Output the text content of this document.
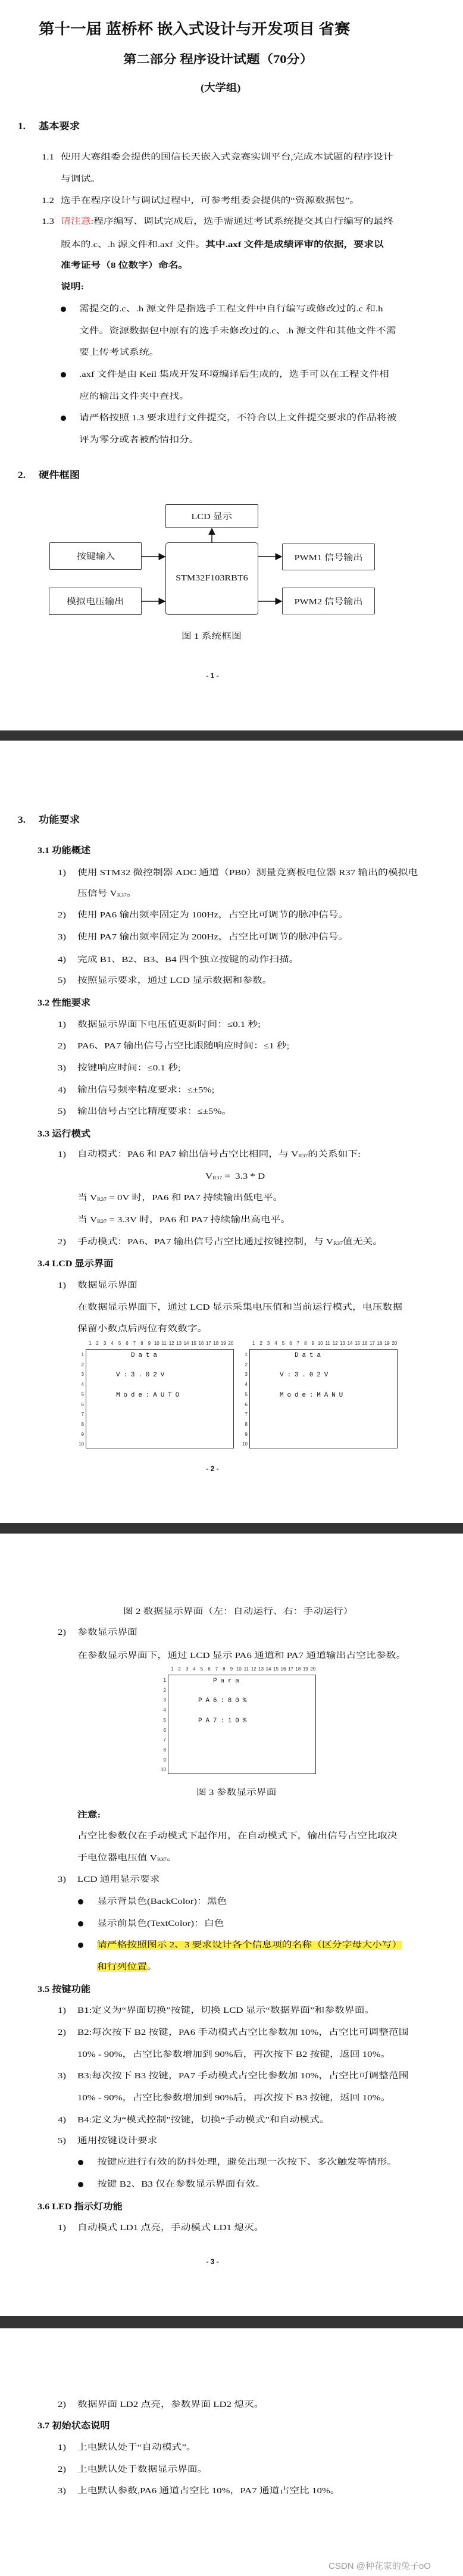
第十一届 蓝桥杯 嵌入式设计与开发项目 省赛
第二部分 程序设计试题（70分）
(大学组)
1. 基本要求
1.1 使用大赛组委会提供的国信长天嵌入式竞赛实训平台,完成本试题的程序设计
与调试。
1.2 选手在程序设计与调试过程中，可参考组委会提供的“资源数据包”。
1.3 请注意:程序编写、调试完成后，选手需通过考试系统提交其自行编写的最终
版本的.c、.h 源文件和.axf 文件。其中.axf 文件是成绩评审的依据，要求以
准考证号（8 位数字）命名。
说明:
需提交的.c、.h 源文件是指选手工程文件中自行编写或修改过的.c 和.h
文件。资源数据包中原有的选手未修改过的.c、.h 源文件和其他文件不需
要上传考试系统。
.axf 文件是由 Keil 集成开发环境编译后生成的，选手可以在工程文件相
应的输出文件夹中查找。
请严格按照 1.3 要求进行文件提交，不符合以上文件提交要求的作品将被
评为零分或者被酌情扣分。
2. 硬件框图
LCD 显示
STM32F103RBT6
按键输入
模拟电压输出
PWM1 信号输出
PWM2 信号输出
图 1 系统框图
- 1 -
3. 功能要求
3.1 功能概述
1) 使用 STM32 微控制器 ADC 通道（PB0）测量竞赛板电位器 R37 输出的模拟电
压信号 $V_{R37}$。
2) 使用 PA6 输出频率固定为 100Hz，占空比可调节的脉冲信号。
3) 使用 PA7 输出频率固定为 200Hz，占空比可调节的脉冲信号。
4) 完成 B1、B2、B3、B4 四个独立按键的动作扫描。
5) 按照显示要求，通过 LCD 显示数据和参数。
3.2 性能要求
1) 数据显示界面下电压值更新时间：≤0.1 秒;
2) PA6、PA7 输出信号占空比跟随响应时间：≤1 秒;
3) 按键响应时间：≤0.1 秒;
4) 输出信号频率精度要求：≤±5%;
5) 输出信号占空比精度要求：≤±5%。
3.3 运行模式
1) 自动模式：PA6 和 PA7 输出信号占空比相同，与 $V_{R37}$的关系如下:
$V_{R37} = 3.3 * D$
当 $V_{R37} = 0V$ 时，PA6 和 PA7 持续输出低电平。
当 $V_{R37} = 3.3V$ 时，PA6 和 PA7 持续输出高电平。
2) 手动模式：PA6、PA7 输出信号占空比通过按键控制，与 $V_{R37}$值无关。
3.4 LCD 显示界面
1) 数据显示界面
在数据显示界面下，通过 LCD 显示采集电压值和当前运行模式，电压数据
保留小数点后两位有效数字。
Data
V:3.02V
Mode:AUTO
1 2	3	4	5	6 7	8	9 10 11 12 13 14 15 16 17 18 19 20
1
2
3
4
5
6
7
8
9
10
Data
V:3.02V
Mode:MANU
1 2	3	4	5	6 7	8	9 10 11 12 13 14 15 16 17 18 19 20
1
2
3
4
5
6
7
8
9
10
- 2 -
图 2 数据显示界面（左：自动运行、右：手动运行）
2) 参数显示界面
在参数显示界面下，通过 LCD 显示 PA6 通道和 PA7 通道输出占空比参数。
Para
PA6:80%
PA7:10%
1 2	3	4	5	6 7	8	9 10 11 12 13 14 15 16 17 18 19 20
1
2
3
4
5
6
7
8
9
10
图 3 参数显示界面
注意:
占空比参数仅在手动模式下起作用，在自动模式下，输出信号占空比取决
于电位器电压值 $V_{R37}$。
3) LCD 通用显示要求
显示背景色(BackColor)：黑色
显示前景色(TextColor)：白色
请严格按照图示 2、3 要求设计各个信息项的名称（区分字母大小写）
和行列位置。
3.5 按键功能
1) B1:定义为“界面切换”按键，切换 LCD 显示“数据界面”和参数界面。
2) B2:每次按下 B2 按键，PA6 手动模式占空比参数加 10%，占空比可调整范围
10% - 90%，占空比参数增加到 90%后，再次按下 B2 按键，返回 10%。
3) B3:每次按下 B3 按键，PA7 手动模式占空比参数加 10%，占空比可调整范围
10% - 90%，占空比参数增加到 90%后，再次按下 B3 按键，返回 10%。
4) B4:定义为“模式控制”按键，切换“手动模式”和自动模式。
5) 通用按键设计要求
按键应进行有效的防抖处理，避免出现一次按下、多次触发等情形。
按键 B2、B3 仅在参数显示界面有效。
3.6 LED 指示灯功能
1) 自动模式 LD1 点亮，手动模式 LD1 熄灭。
- 3 -
2) 数据界面 LD2 点亮，参数界面 LD2 熄灭。
3.7 初始状态说明
1) 上电默认处于“自动模式”。
2) 上电默认处于数据显示界面。
3) 上电默认参数,PA6 通道占空比 10%，PA7 通道占空比 10%。
CSDN @种花家的兔子oO
